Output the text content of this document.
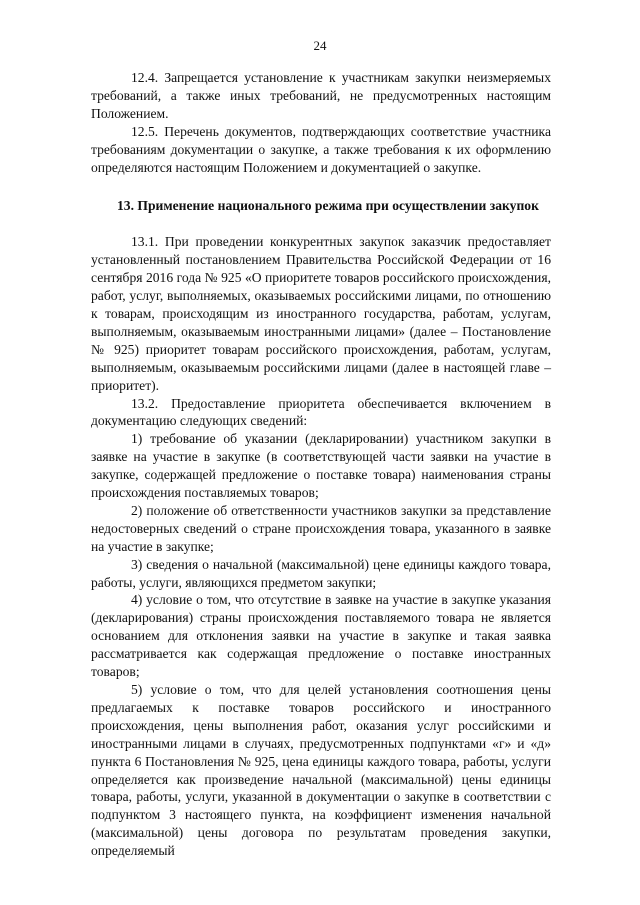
24

12.4. Запрещается установление к участникам закупки неизмеряемых требований, а также иных требований, не предусмотренных настоящим Положением.

12.5. Перечень документов, подтверждающих соответствие участника требованиям документации о закупке, а также требования к их оформлению определяются настоящим Положением и документацией о закупке.

13. Применение национального режима при осуществлении закупок

13.1. При проведении конкурентных закупок заказчик предоставляет установленный постановлением Правительства Российской Федерации от 16 сентября 2016 года № 925 «О приоритете товаров российского происхождения, работ, услуг, выполняемых, оказываемых российскими лицами, по отношению к товарам, происходящим из иностранного государства, работам, услугам, выполняемым, оказываемым иностранными лицами» (далее – Постановление № 925) приоритет товарам российского происхождения, работам, услугам, выполняемым, оказываемым российскими лицами (далее в настоящей главе – приоритет).

13.2. Предоставление приоритета обеспечивается включением в документацию следующих сведений:

1) требование об указании (декларировании) участником закупки в заявке на участие в закупке (в соответствующей части заявки на участие в закупке, содержащей предложение о поставке товара) наименования страны происхождения поставляемых товаров;

2) положение об ответственности участников закупки за представление недостоверных сведений о стране происхождения товара, указанного в заявке на участие в закупке;

3) сведения о начальной (максимальной) цене единицы каждого товара, работы, услуги, являющихся предметом закупки;

4) условие о том, что отсутствие в заявке на участие в закупке указания (декларирования) страны происхождения поставляемого товара не является основанием для отклонения заявки на участие в закупке и такая заявка рассматривается как содержащая предложение о поставке иностранных товаров;

5) условие о том, что для целей установления соотношения цены предлагаемых к поставке товаров российского и иностранного происхождения, цены выполнения работ, оказания услуг российскими и иностранными лицами в случаях, предусмотренных подпунктами «г» и «д» пункта 6 Постановления № 925, цена единицы каждого товара, работы, услуги определяется как произведение начальной (максимальной) цены единицы товара, работы, услуги, указанной в документации о закупке в соответствии с подпунктом 3 настоящего пункта, на коэффициент изменения начальной (максимальной) цены договора по результатам проведения закупки, определяемый
